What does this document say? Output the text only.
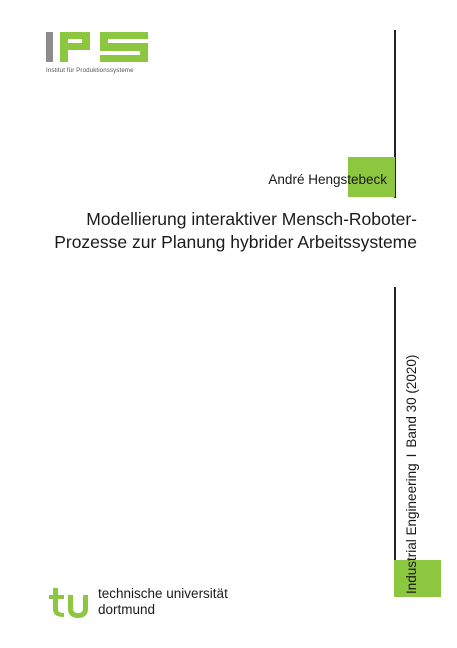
Institut für Produktionssysteme
André Hengstebeck
Modellierung interaktiver Mensch-Roboter-
Prozesse zur Planung hybrider Arbeitssysteme
Industrial EngineeringIBand 30 (2020)
technische universität
dortmund
